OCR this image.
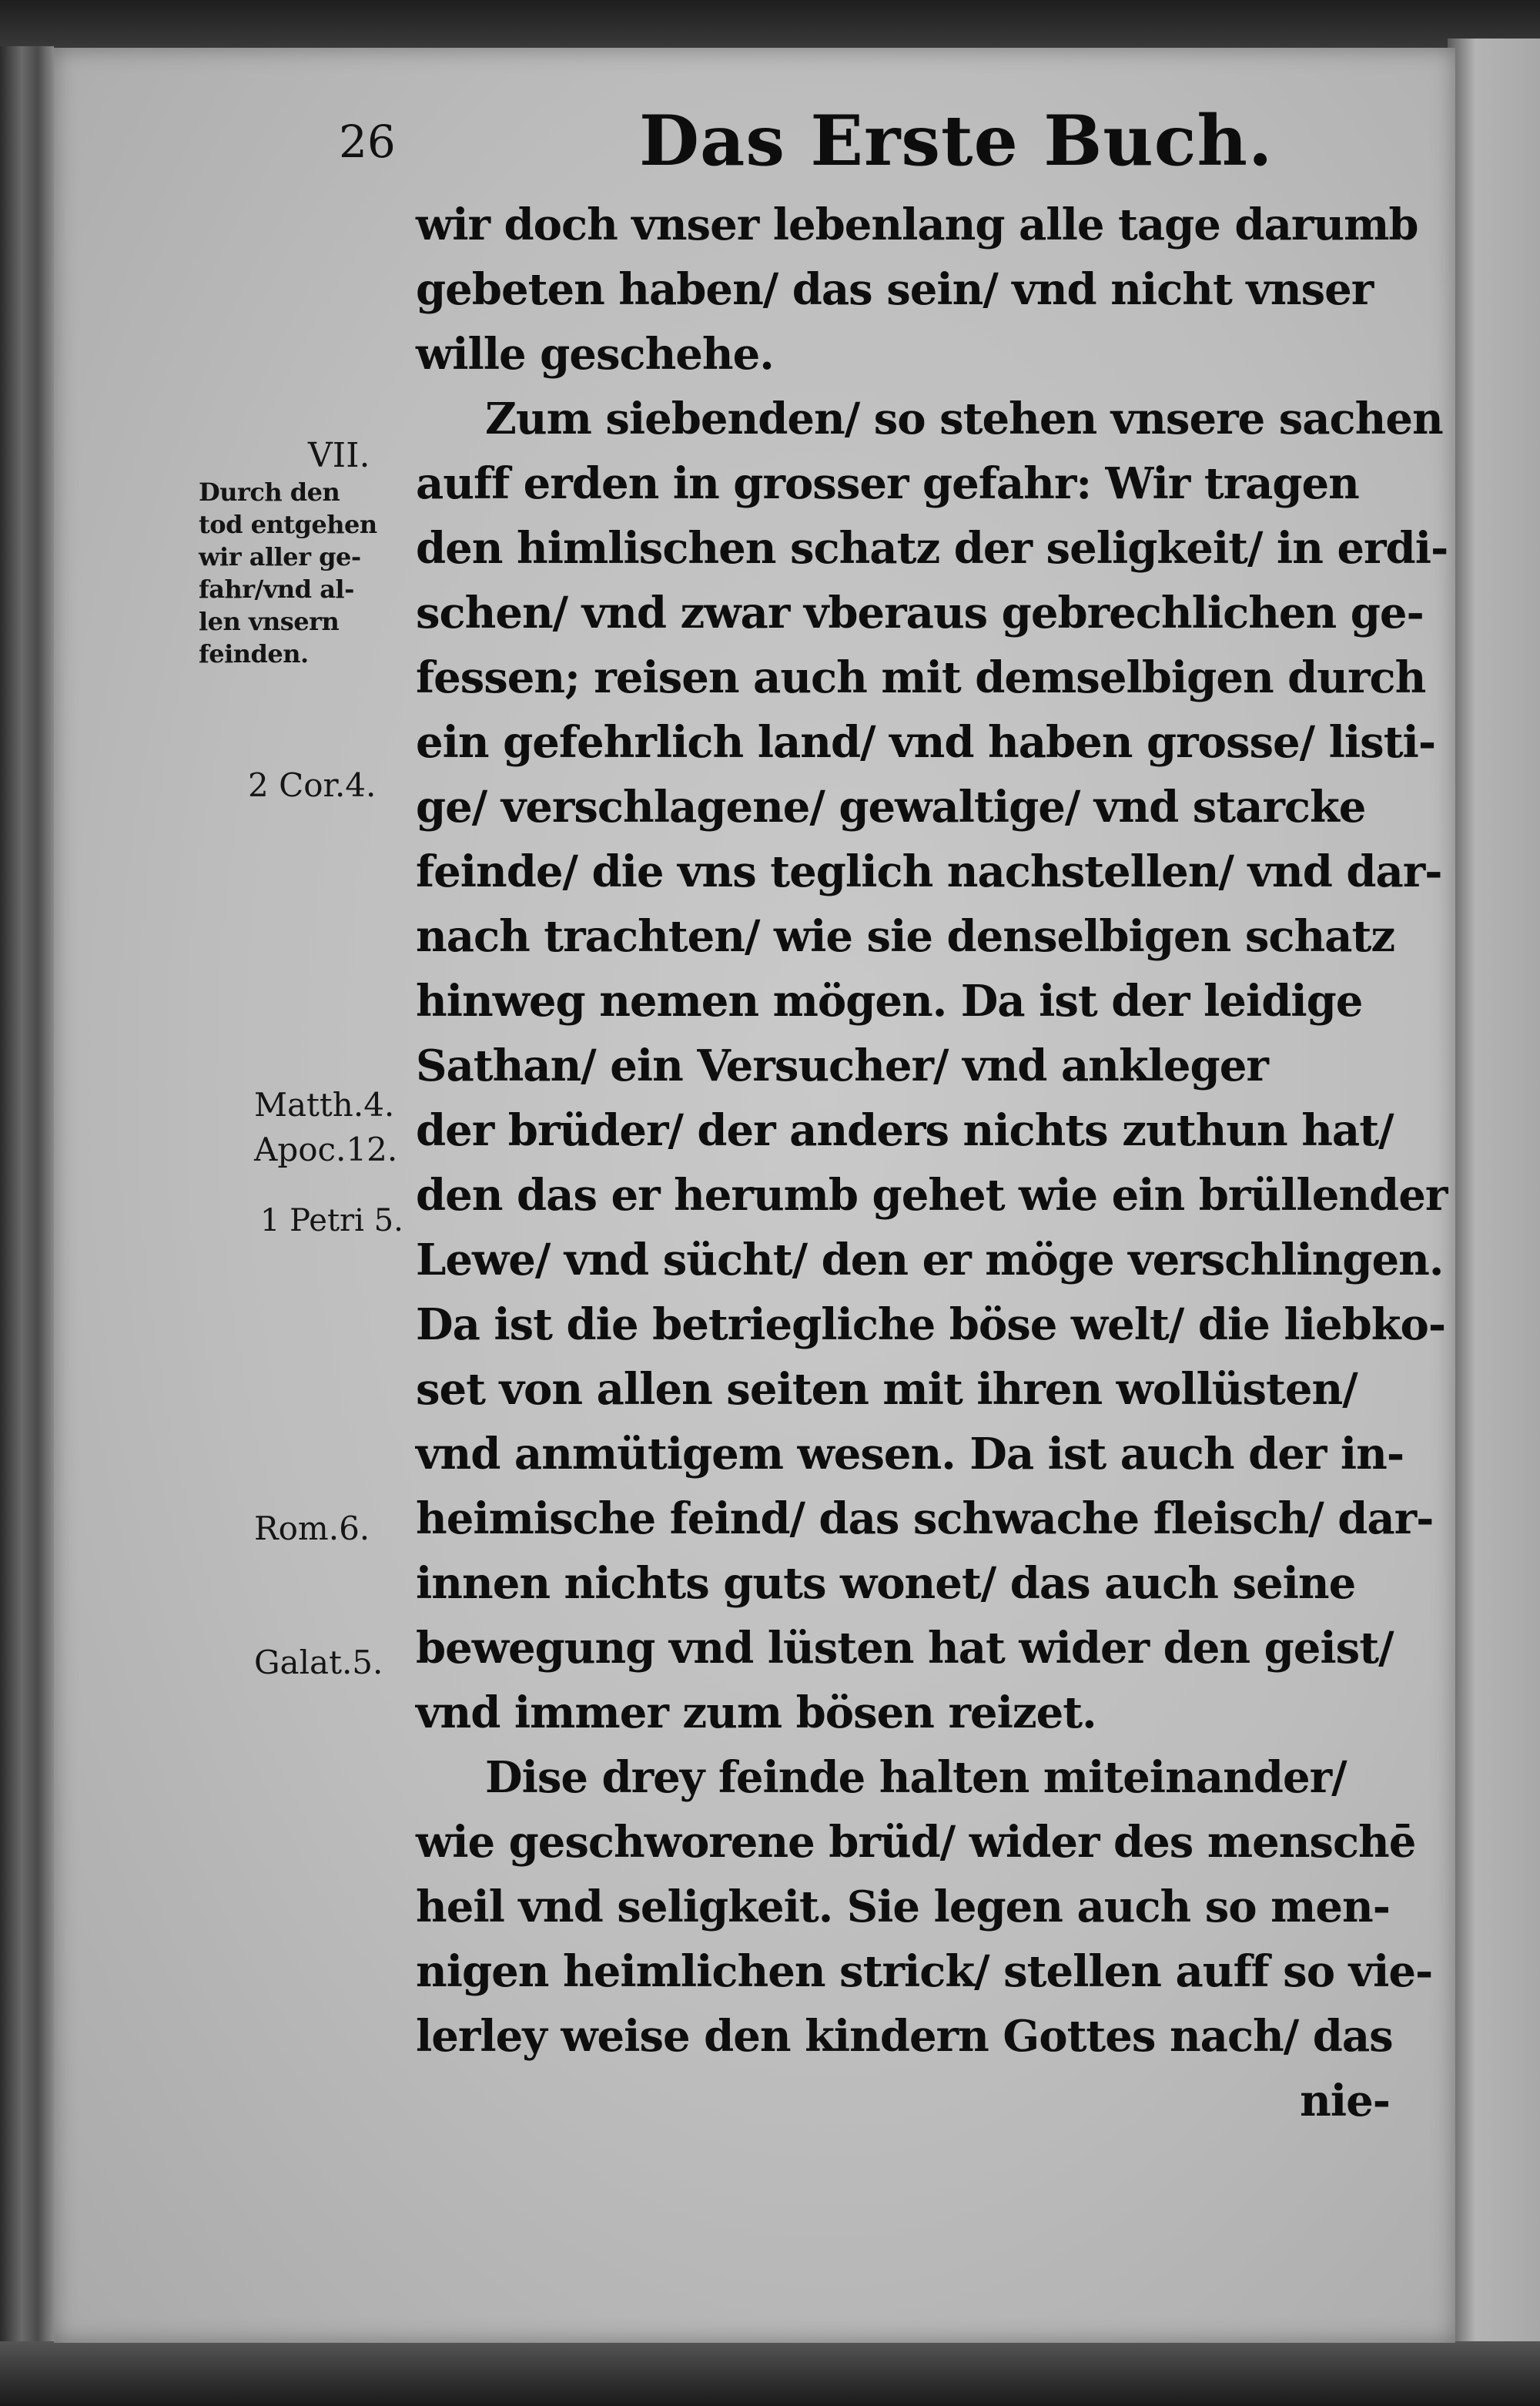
26	Das Erste Buch.
VII.
Durch den
tod entgehen
wir aller ge-
fahr/vnd al-
len vnsern
feinden.
2 Cor.4.
Matth.4.
Apoc.12.
1 Petri 5.
Rom.6.
Galat.5.
wir doch vnser lebenlang alle tage darumb
gebeten haben/ das sein/ vnd nicht vnser
wille geschehe.
Zum siebenden/ so stehen vnsere sachen
auff erden in grosser gefahr: Wir tragen
den himlischen schatz der seligkeit/ in erdi-
schen/ vnd zwar vberaus gebrechlichen ge-
fessen; reisen auch mit demselbigen durch
ein gefehrlich land/ vnd haben grosse/ listi-
ge/ verschlagene/ gewaltige/ vnd starcke
feinde/ die vns teglich nachstellen/ vnd dar-
nach trachten/ wie sie denselbigen schatz
hinweg nemen mögen. Da ist der leidige
Sathan/ ein Versucher/ vnd ankleger
der brüder/ der anders nichts zuthun hat/
den das er herumb gehet wie ein brüllender
Lewe/ vnd sücht/ den er möge verschlingen.
Da ist die betriegliche böse welt/ die liebko-
set von allen seiten mit ihren wollüsten/
vnd anmütigem wesen. Da ist auch der in-
heimische feind/ das schwache fleisch/ dar-
innen nichts guts wonet/ das auch seine
bewegung vnd lüsten hat wider den geist/
vnd immer zum bösen reizet.
Dise drey feinde halten miteinander/
wie geschworene brüd/ wider des menschē
heil vnd seligkeit. Sie legen auch so men-
nigen heimlichen strick/ stellen auff so vie-
lerley weise den kindern Gottes nach/ das
nie-
